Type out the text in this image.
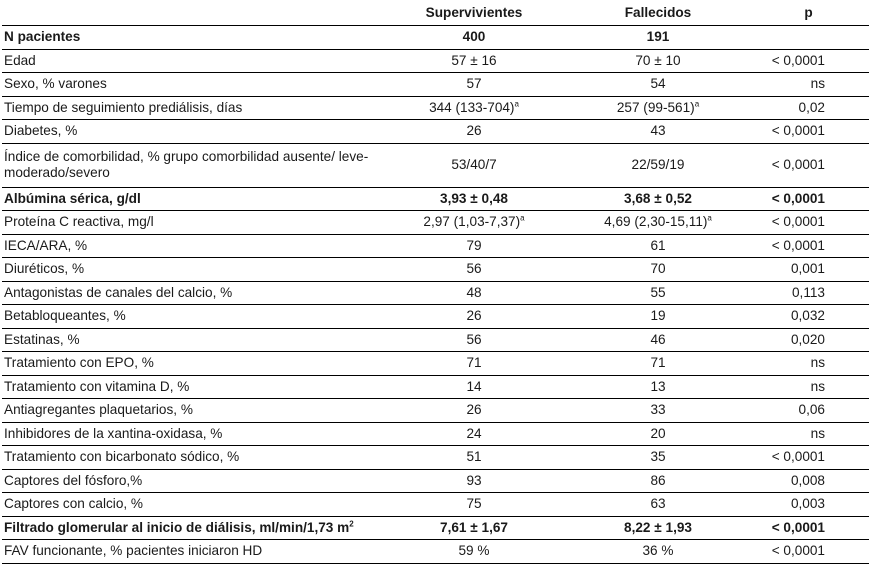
	Supervivientes	Fallecidos	p
N pacientes	400	191	
Edad	57 ± 16	70 ± 10	< 0,0001
Sexo, % varones	57	54	ns
Tiempo de seguimiento prediálisis, días	344 $(133-704)^a$	257 $(99-561)^a$	0,02
Diabetes, %	26	43	< 0,0001
Índice de comorbilidad, % grupo comorbilidad ausente/ leve-moderado/severo	53/40/7	22/59/19	< 0,0001
Albúmina sérica, g/dl	3,93 ± 0,48	3,68 ± 0,52	< 0,0001
Proteína C reactiva, mg/l	2,97 $(1,03-7,37)^a$	4,69 $(2,30-15,11)^a$	< 0,0001
IECA/ARA, %	79	61	< 0,0001
Diuréticos, %	56	70	0,001
Antagonistas de canales del calcio, %	48	55	0,113
Betabloqueantes, %	26	19	0,032
Estatinas, %	56	46	0,020
Tratamiento con EPO, %	71	71	ns
Tratamiento con vitamina D, %	14	13	ns
Antiagregantes plaquetarios, %	26	33	0,06
Inhibidores de la xantina-oxidasa, %	24	20	ns
Tratamiento con bicarbonato sódico, %	51	35	< 0,0001
Captores del fósforo,%	93	86	0,008
Captores con calcio, %	75	63	0,003
Filtrado glomerular al inicio de diálisis, ml/min/1,73 $m^2$	7,61 ± 1,67	8,22 ± 1,93	< 0,0001
FAV funcionante, % pacientes iniciaron HD	59 %	36 %	< 0,0001
